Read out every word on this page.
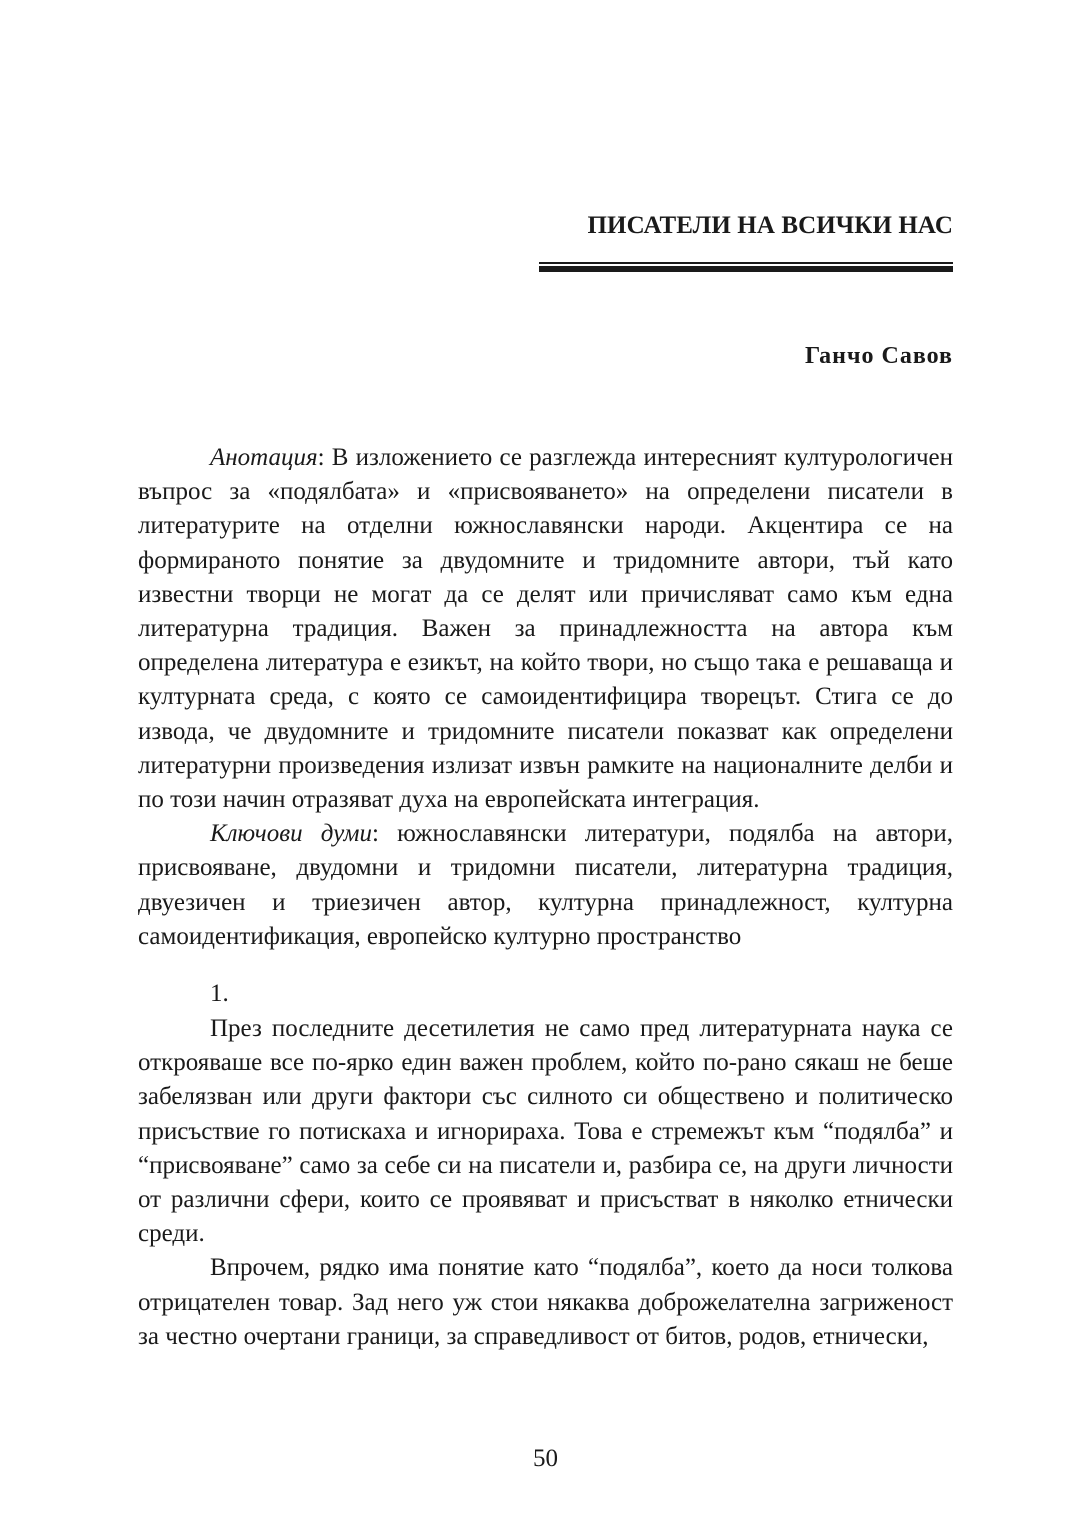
ПИСАТЕЛИ НА ВСИЧКИ НАС
Ганчо Савов

Анотация: В изложението се разглежда интересният културологичен въпрос за «подялбата» и «присвояването» на определени писатели в литературите на отделни южнославянски народи. Акцентира се на формираното понятие за двудомните и тридомните автори, тъй като известни творци не могат да се делят или причисляват само към една литературна традиция. Важен за принадлежността на автора към определена литература е езикът, на който твори, но също така е решаваща и културната среда, с която се самоидентифицира творецът. Стига се до извода, че двудомните и тридомните писатели показват как определени литературни произведения излизат извън рамките на националните делби и по този начин отразяват духа на европейската интеграция.

Ключови думи: южнославянски литератури, подялба на автори, присвояване, двудомни и тридомни писатели, литературна традиция, двуезичен и триезичен автор, културна принадлежност, културна самоидентификация, европейско културно пространство

1.

През последните десетилетия не само пред литературната наука се открояваше все по-ярко един важен проблем, който по-рано сякаш не беше забелязван или други фактори със силното си обществено и политическо присъствие го потискаха и игнорираха. Това е стремежът към “подялба” и “присвояване” само за себе си на писатели и, разбира се, на други личности от различни сфери, които се проявяват и присъстват в няколко етнически среди.

Впрочем, рядко има понятие като “подялба”, което да носи толкова отрицателен товар. Зад него уж стои някаква доброжелателна загриженост за честно очертани граници, за справедливост от битов, родов, етнически,

50
